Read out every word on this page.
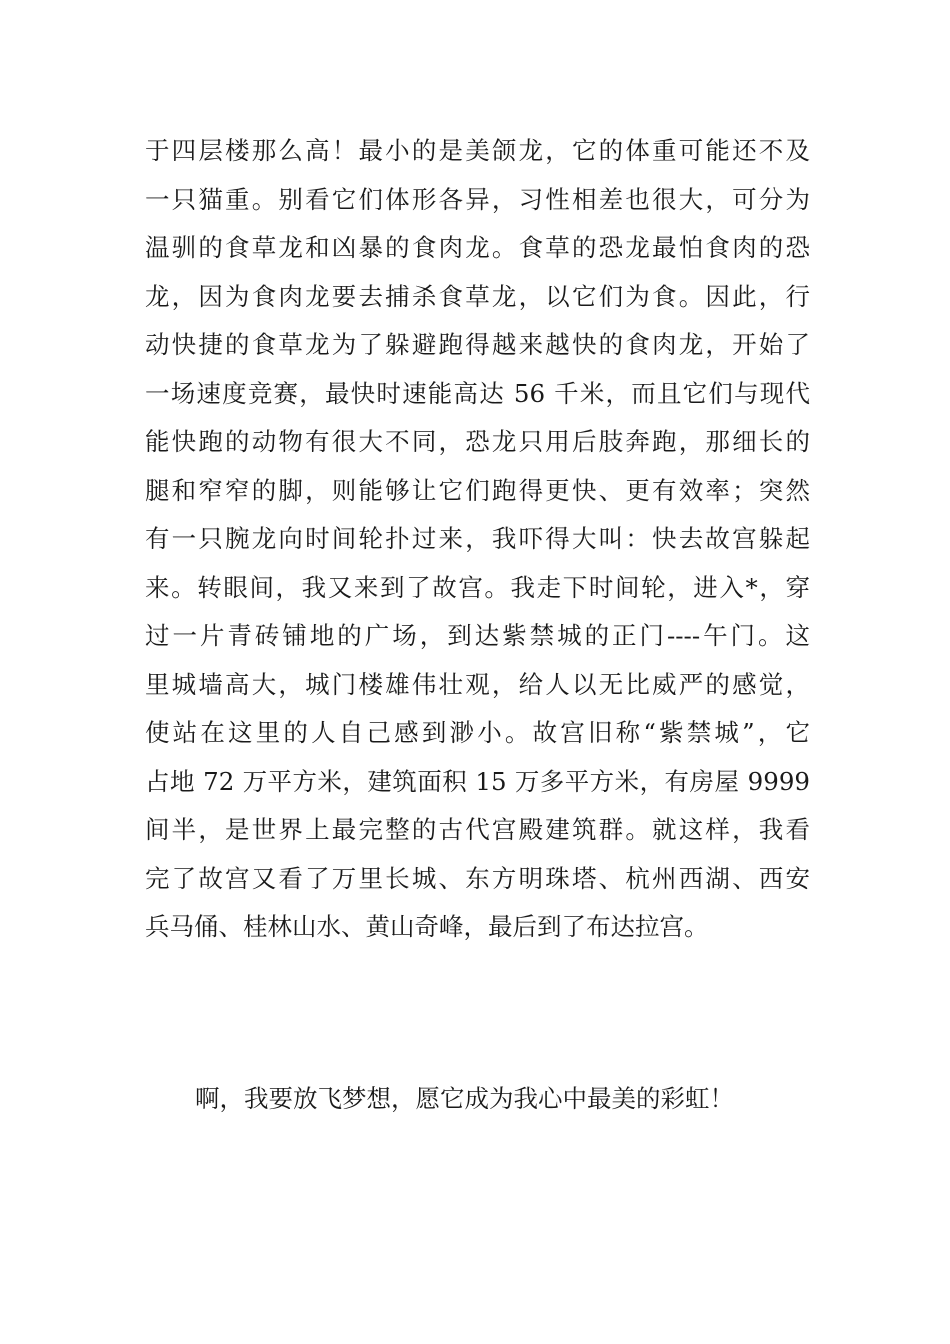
于四层楼那么高！最小的是美颌龙，它的体重可能还不及
一只猫重。别看它们体形各异，习性相差也很大，可分为
温驯的食草龙和凶暴的食肉龙。食草的恐龙最怕食肉的恐
龙，因为食肉龙要去捕杀食草龙，以它们为食。因此，行
动快捷的食草龙为了躲避跑得越来越快的食肉龙，开始了
一场速度竞赛，最快时速能高达 56 千米，而且它们与现代
能快跑的动物有很大不同，恐龙只用后肢奔跑，那细长的
腿和窄窄的脚，则能够让它们跑得更快、更有效率；突然
有一只腕龙向时间轮扑过来，我吓得大叫：快去故宫躲起
来。转眼间，我又来到了故宫。我走下时间轮，进入*，穿
过一片青砖铺地的广场，到达紫禁城的正门----午门。这
里城墙高大，城门楼雄伟壮观，给人以无比威严的感觉，
使站在这里的人自己感到渺小。故宫旧称“紫禁城”，它
占地 72 万平方米，建筑面积 15 万多平方米，有房屋 9999
间半，是世界上最完整的古代宫殿建筑群。就这样，我看
完了故宫又看了万里长城、东方明珠塔、杭州西湖、西安
兵马俑、桂林山水、黄山奇峰，最后到了布达拉宫。
啊，我要放飞梦想，愿它成为我心中最美的彩虹！
